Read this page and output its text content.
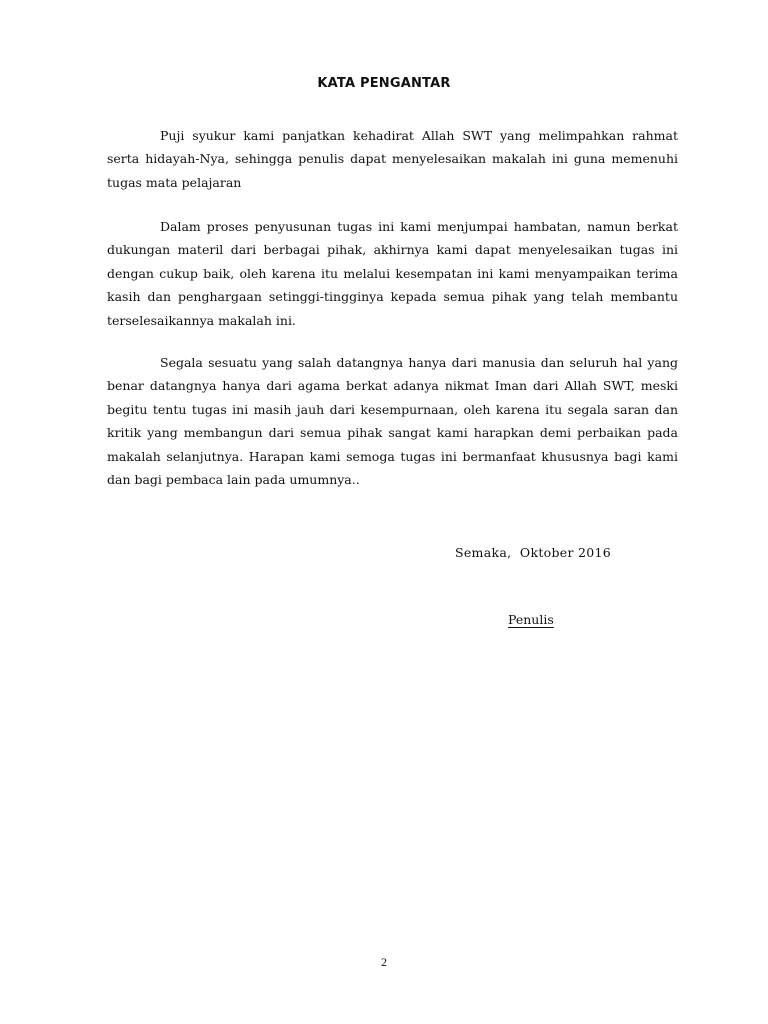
KATA PENGANTAR

Puji syukur kami panjatkan kehadirat Allah SWT yang melimpahkan rahmat serta hidayah-Nya, sehingga penulis dapat menyelesaikan makalah ini guna memenuhi tugas mata pelajaran

Dalam proses penyusunan tugas ini kami menjumpai hambatan, namun berkat dukungan materil dari berbagai pihak, akhirnya kami dapat menyelesaikan tugas ini dengan cukup baik, oleh karena itu melalui kesempatan ini kami menyampaikan terima kasih dan penghargaan setinggi-tingginya kepada semua pihak yang telah membantu terselesaikannya makalah ini.

Segala sesuatu yang salah datangnya hanya dari manusia dan seluruh hal yang benar datangnya hanya dari agama berkat adanya nikmat Iman dari Allah SWT, meski begitu tentu tugas ini masih jauh dari kesempurnaan, oleh karena itu segala saran dan kritik yang membangun dari semua pihak sangat kami harapkan demi perbaikan pada makalah selanjutnya. Harapan kami semoga tugas ini bermanfaat khususnya bagi kami dan bagi pembaca lain pada umumnya..

Semaka,  Oktober 2016
Penulis
2
